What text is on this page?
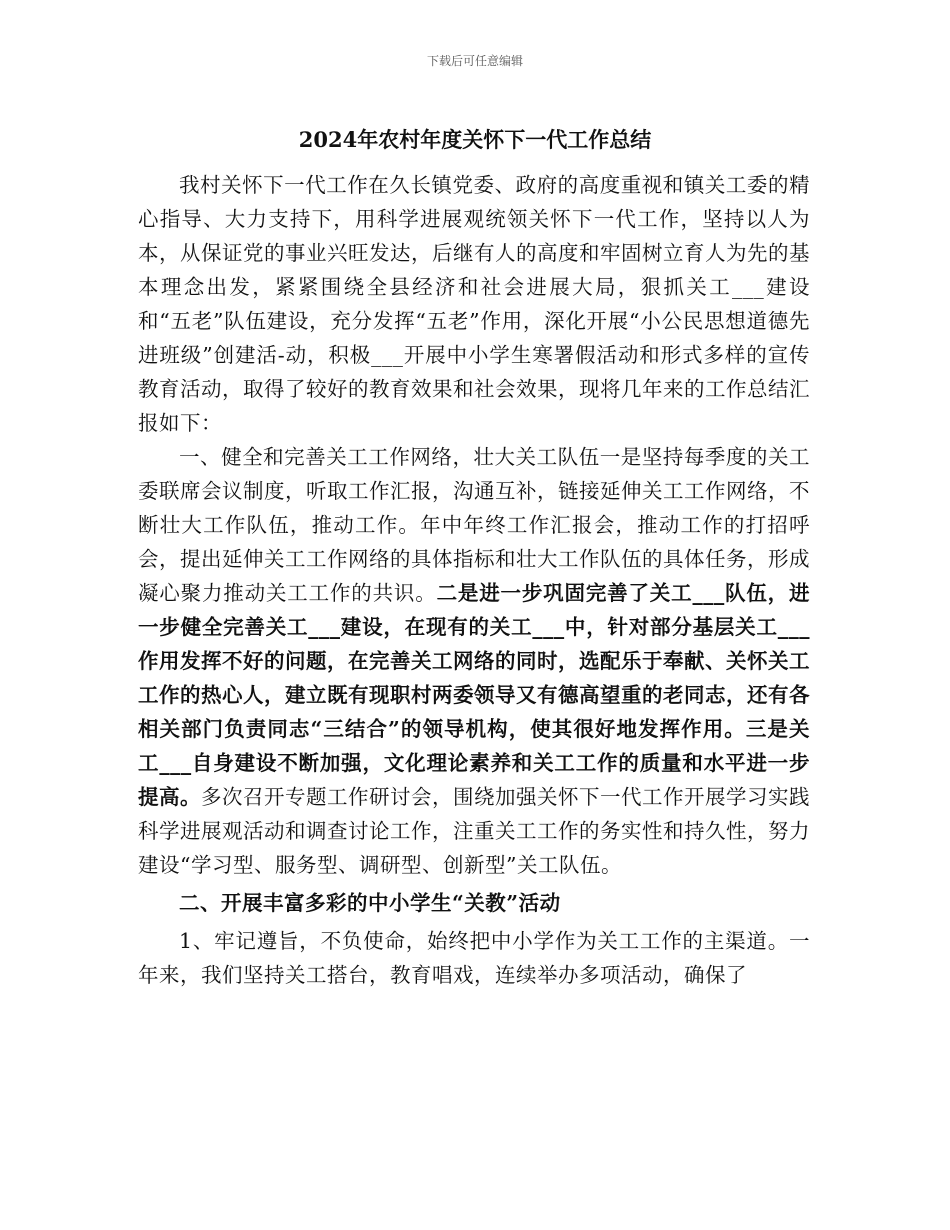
下载后可任意编辑
2024年农村年度关怀下一代工作总结

我村关怀下一代工作在久长镇党委、政府的高度重视和镇关工委的精心指导、大力支持下，用科学进展观统领关怀下一代工作，坚持以人为本，从保证党的事业兴旺发达，后继有人的高度和牢固树立育人为先的基本理念出发，紧紧围绕全县经济和社会进展大局，狠抓关工___建设和“五老”队伍建设，充分发挥“五老”作用，深化开展“小公民思想道德先进班级”创建活-动，积极___开展中小学生寒署假活动和形式多样的宣传教育活动，取得了较好的教育效果和社会效果，现将几年来的工作总结汇报如下：

一、健全和完善关工工作网络，壮大关工队伍一是坚持每季度的关工委联席会议制度，听取工作汇报，沟通互补，链接延伸关工工作网络，不断壮大工作队伍，推动工作。年中年终工作汇报会，推动工作的打招呼会，提出延伸关工工作网络的具体指标和壮大工作队伍的具体任务，形成凝心聚力推动关工工作的共识。二是进一步巩固完善了关工___队伍，进一步健全完善关工___建设，在现有的关工___中，针对部分基层关工___作用发挥不好的问题，在完善关工网络的同时，选配乐于奉献、关怀关工工作的热心人，建立既有现职村两委领导又有德高望重的老同志，还有各相关部门负责同志“三结合”的领导机构，使其很好地发挥作用。三是关工___自身建设不断加强，文化理论素养和关工工作的质量和水平进一步提高。多次召开专题工作研讨会，围绕加强关怀下一代工作开展学习实践科学进展观活动和调查讨论工作，注重关工工作的务实性和持久性，努力建设“学习型、服务型、调研型、创新型”关工队伍。

二、开展丰富多彩的中小学生“关教”活动

1、牢记遵旨，不负使命，始终把中小学作为关工工作的主渠道。一年来，我们坚持关工搭台，教育唱戏，连续举办多项活动，确保了
